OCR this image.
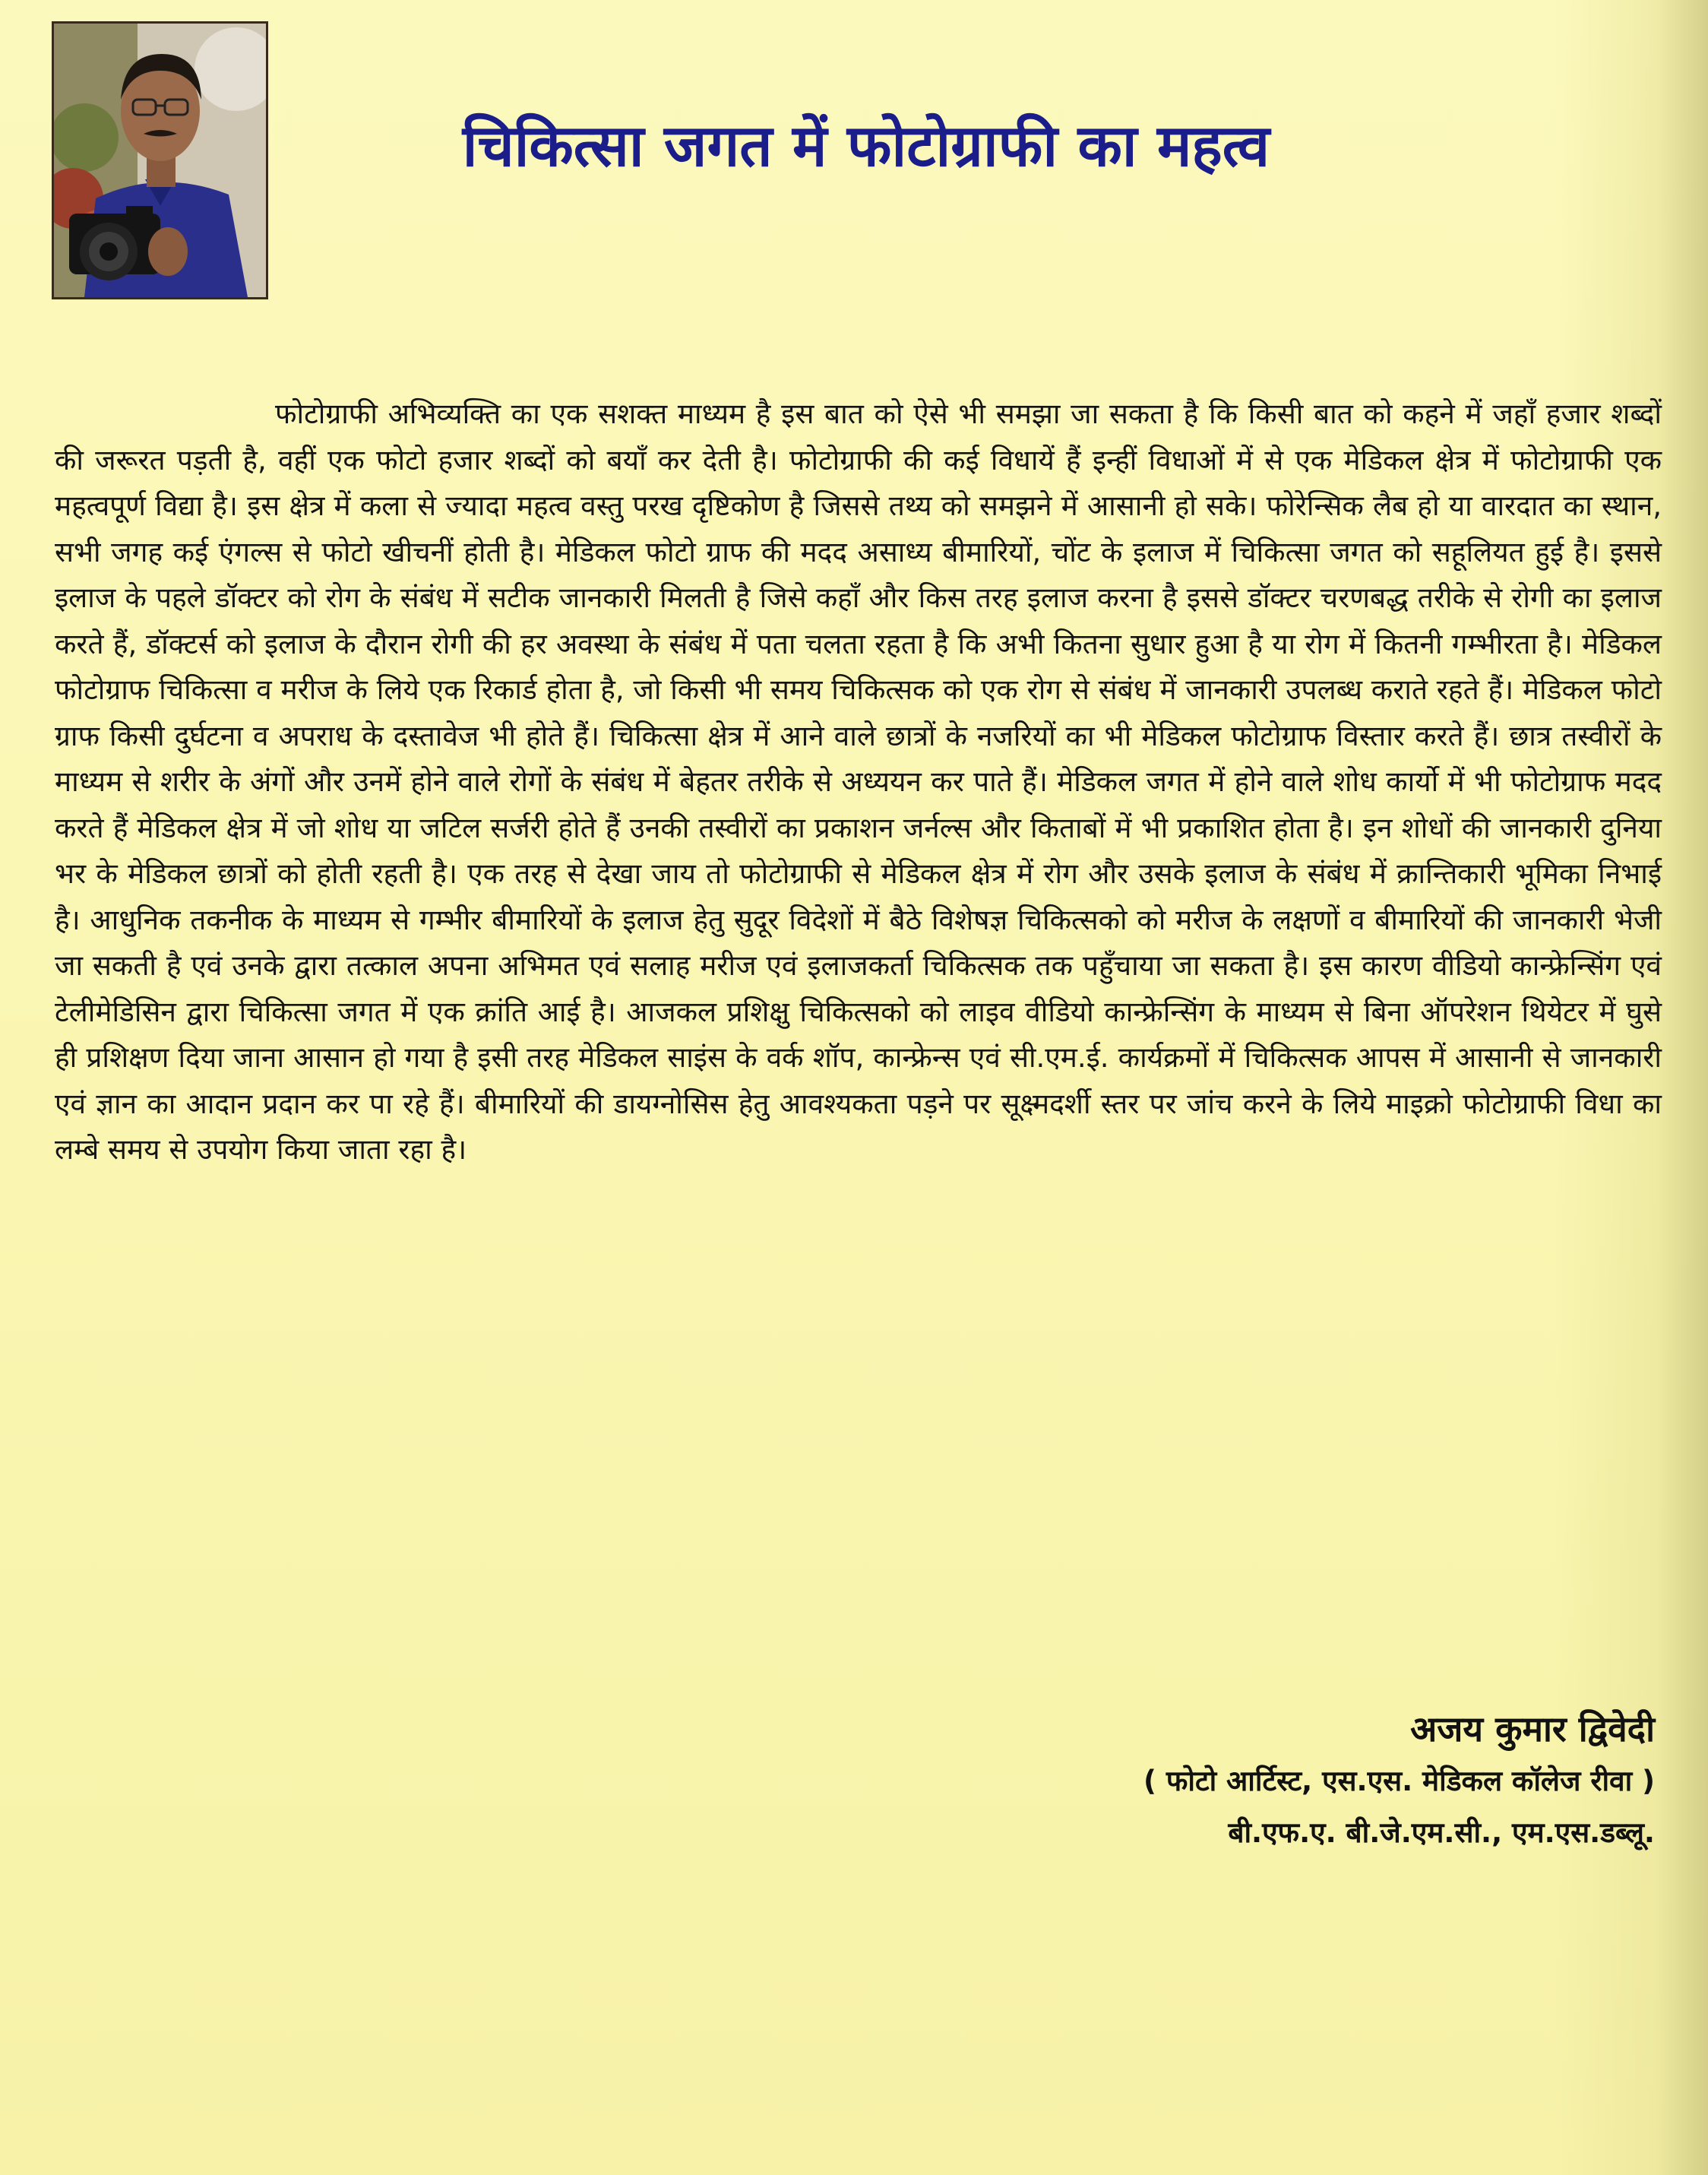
चिकित्सा जगत में फोटोग्राफी का महत्व

फोटोग्राफी अभिव्यक्ति का एक सशक्त माध्यम है इस बात को ऐसे भी समझा जा सकता है कि किसी बात को कहने में जहाँ हजार शब्दों की जरूरत पड़ती है, वहीं एक फोटो हजार शब्दों को बयाँ कर देती है। फोटोग्राफी की कई विधायें हैं इन्हीं विधाओं में से एक मेडिकल क्षेत्र में फोटोग्राफी एक महत्वपूर्ण विद्या है। इस क्षेत्र में कला से ज्यादा महत्व वस्तु परख दृष्टिकोण है जिससे तथ्य को समझने में आसानी हो सके। फोरेन्सिक लैब हो या वारदात का स्थान, सभी जगह कई एंगल्स से फोटो खीचनीं होती है। मेडिकल फोटो ग्राफ की मदद असाध्य बीमारियों, चोंट के इलाज में चिकित्सा जगत को सहूलियत हुई है। इससे इलाज के पहले डॉक्टर को रोग के संबंध में सटीक जानकारी मिलती है जिसे कहाँ और किस तरह इलाज करना है इससे डॉक्टर चरणबद्ध तरीके से रोगी का इलाज करते हैं, डॉक्टर्स को इलाज के दौरान रोगी की हर अवस्था के संबंध में पता चलता रहता है कि अभी कितना सुधार हुआ है या रोग में कितनी गम्भीरता है। मेडिकल फोटोग्राफ चिकित्सा व मरीज के लिये एक रिकार्ड होता है, जो किसी भी समय चिकित्सक को एक रोग से संबंध में जानकारी उपलब्ध कराते रहते हैं। मेडिकल फोटो ग्राफ किसी दुर्घटना व अपराध के दस्तावेज भी होते हैं। चिकित्सा क्षेत्र में आने वाले छात्रों के नजरियों का भी मेडिकल फोटोग्राफ विस्तार करते हैं। छात्र तस्वीरों के माध्यम से शरीर के अंगों और उनमें होने वाले रोगों के संबंध में बेहतर तरीके से अध्ययन कर पाते हैं। मेडिकल जगत में होने वाले शोध कार्यो में भी फोटोग्राफ मदद करते हैं मेडिकल क्षेत्र में जो शोध या जटिल सर्जरी होते हैं उनकी तस्वीरों का प्रकाशन जर्नल्स और किताबों में भी प्रकाशित होता है। इन शोधों की जानकारी दुनिया भर के मेडिकल छात्रों को होती रहती है। एक तरह से देखा जाय तो फोटोग्राफी से मेडिकल क्षेत्र में रोग और उसके इलाज के संबंध में क्रान्तिकारी भूमिका निभाई है। आधुनिक तकनीक के माध्यम से गम्भीर बीमारियों के इलाज हेतु सुदूर विदेशों में बैठे विशेषज्ञ चिकित्सको को मरीज के लक्षणों व बीमारियों की जानकारी भेजी जा सकती है एवं उनके द्वारा तत्काल अपना अभिमत एवं सलाह मरीज एवं इलाजकर्ता चिकित्सक तक पहुँचाया जा सकता है। इस कारण वीडियो कान्फ्रेन्सिंग एवं टेलीमेडिसिन द्वारा चिकित्सा जगत में एक क्रांति आई है। आजकल प्रशिक्षु चिकित्सको को लाइव वीडियो कान्फ्रेन्सिंग के माध्यम से बिना ऑपरेशन थियेटर में घुसे ही प्रशिक्षण दिया जाना आसान हो गया है इसी तरह मेडिकल साइंस के वर्क शॉप, कान्फ्रेन्स एवं सी.एम.ई. कार्यक्रमों में चिकित्सक आपस में आसानी से जानकारी एवं ज्ञान का आदान प्रदान कर पा रहे हैं। बीमारियों की डायग्नोसिस हेतु आवश्यकता पड़ने पर सूक्ष्मदर्शी स्तर पर जांच करने के लिये माइक्रो फोटोग्राफी विधा का लम्बे समय से उपयोग किया जाता रहा है।

अजय कुमार द्विवेदी

( फोटो आर्टिस्ट, एस.एस. मेडिकल कॉलेज रीवा )

बी.एफ.ए. बी.जे.एम.सी., एम.एस.डब्लू.
